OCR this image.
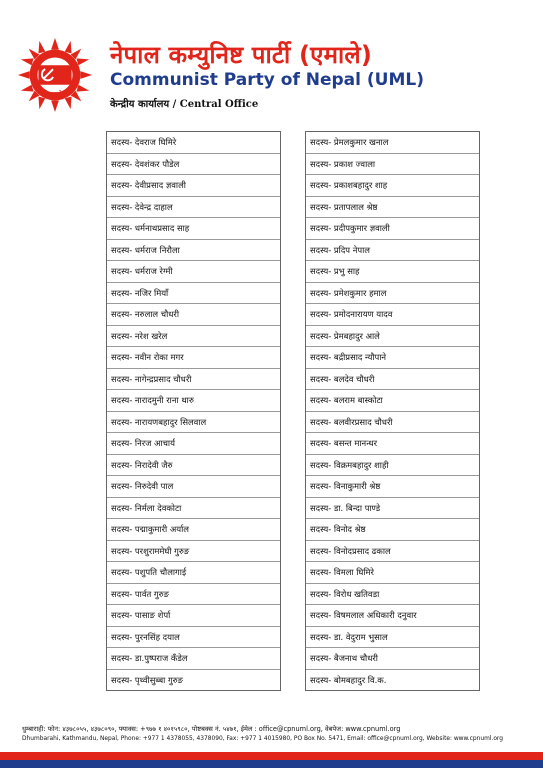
एमाले
नेपाल कम्युनिष्ट पार्टी (एमाले)
Communist Party of Nepal (UML)
केन्द्रीय कार्यालय / Central Office
सदस्य- देवराज घिमिरे
सदस्य- देवशंकर पौडेल
सदस्य- देवीप्रसाद ज्ञवाली
सदस्य- देवेन्द्र दाहाल
सदस्य- धर्मनाथप्रसाद साह
सदस्य- धर्मराज निरौला
सदस्य- धर्मराज रेग्मी
सदस्य- नजिर मियाँ
सदस्य- नरुलाल चौधरी
सदस्य- नरेश खरेल
सदस्य- नवीन रोका मगर
सदस्य- नागेन्द्रप्रसाद चौधरी
सदस्य- नारादमुनी राना थारु
सदस्य- नारायणबहादुर सिलवाल
सदस्य- निरज आचार्य
सदस्य- निरादेवी जैरु
सदस्य- निरुदेवी पाल
सदस्य- निर्मला देवकोटा
सदस्य- पद्माकुमारी अर्याल
सदस्य- परशुराममेघी गुरुङ
सदस्य- पशुपति चौलागाई
सदस्य- पार्वत गुरुङ
सदस्य- पासाङ शेर्पा
सदस्य- पुरनसिंह दयाल
सदस्य- डा.पुष्पराज कँडेल
सदस्य- पृथ्वीसुब्बा गुरुङ
सदस्य- प्रेमलकुमार खनाल
सदस्य- प्रकाश ज्वाला
सदस्य- प्रकाशबहादुर शाह
सदस्य- प्रतापलाल श्रेष्ठ
सदस्य- प्रदीपकुमार ज्ञवाली
सदस्य- प्रदिप नेपाल
सदस्य- प्रभु साह
सदस्य- प्रमेशकुमार हमाल
सदस्य- प्रमोदनारायण यादव
सदस्य- प्रेमबहादुर आले
सदस्य- बद्रीप्रसाद न्यौपाने
सदस्य- बलदेव चौधरी
सदस्य- बलराम बास्कोटा
सदस्य- बलवीरप्रसाद चौधरी
सदस्य- बसन्त मानन्धर
सदस्य- विक्रमबहादुर शाही
सदस्य- विनाकुमारी श्रेष्ठ
सदस्य- डा. बिन्दा पाण्डे
सदस्य- विनोद श्रेष्ठ
सदस्य- विनोदप्रसाद ढकाल
सदस्य- विमला घिमिरे
सदस्य- विरोध खतिवडा
सदस्य- विषमलाल अधिकारी दनुवार
सदस्य- डा. वेदुराम भुसाल
सदस्य- बैजनाथ चौधरी
सदस्य- बोमबहादुर वि.क.
धुम्बाराही: फोन: ४३७८०५५, ४३७८०९०, फ्याक्स: +९७७ १ ४०१५९८०, पोष्टबक्स नं. ५४७१, ईमेल : office@cpnuml.org, वेबपेज: www.cpnuml.org
Dhumbarahi, Kathmandu, Nepal, Phone: +977 1 4378055, 4378090, Fax: +977 1 4015980, PO Box No. 5471, Email: office@cpnuml.org, Website: www.cpnuml.org
